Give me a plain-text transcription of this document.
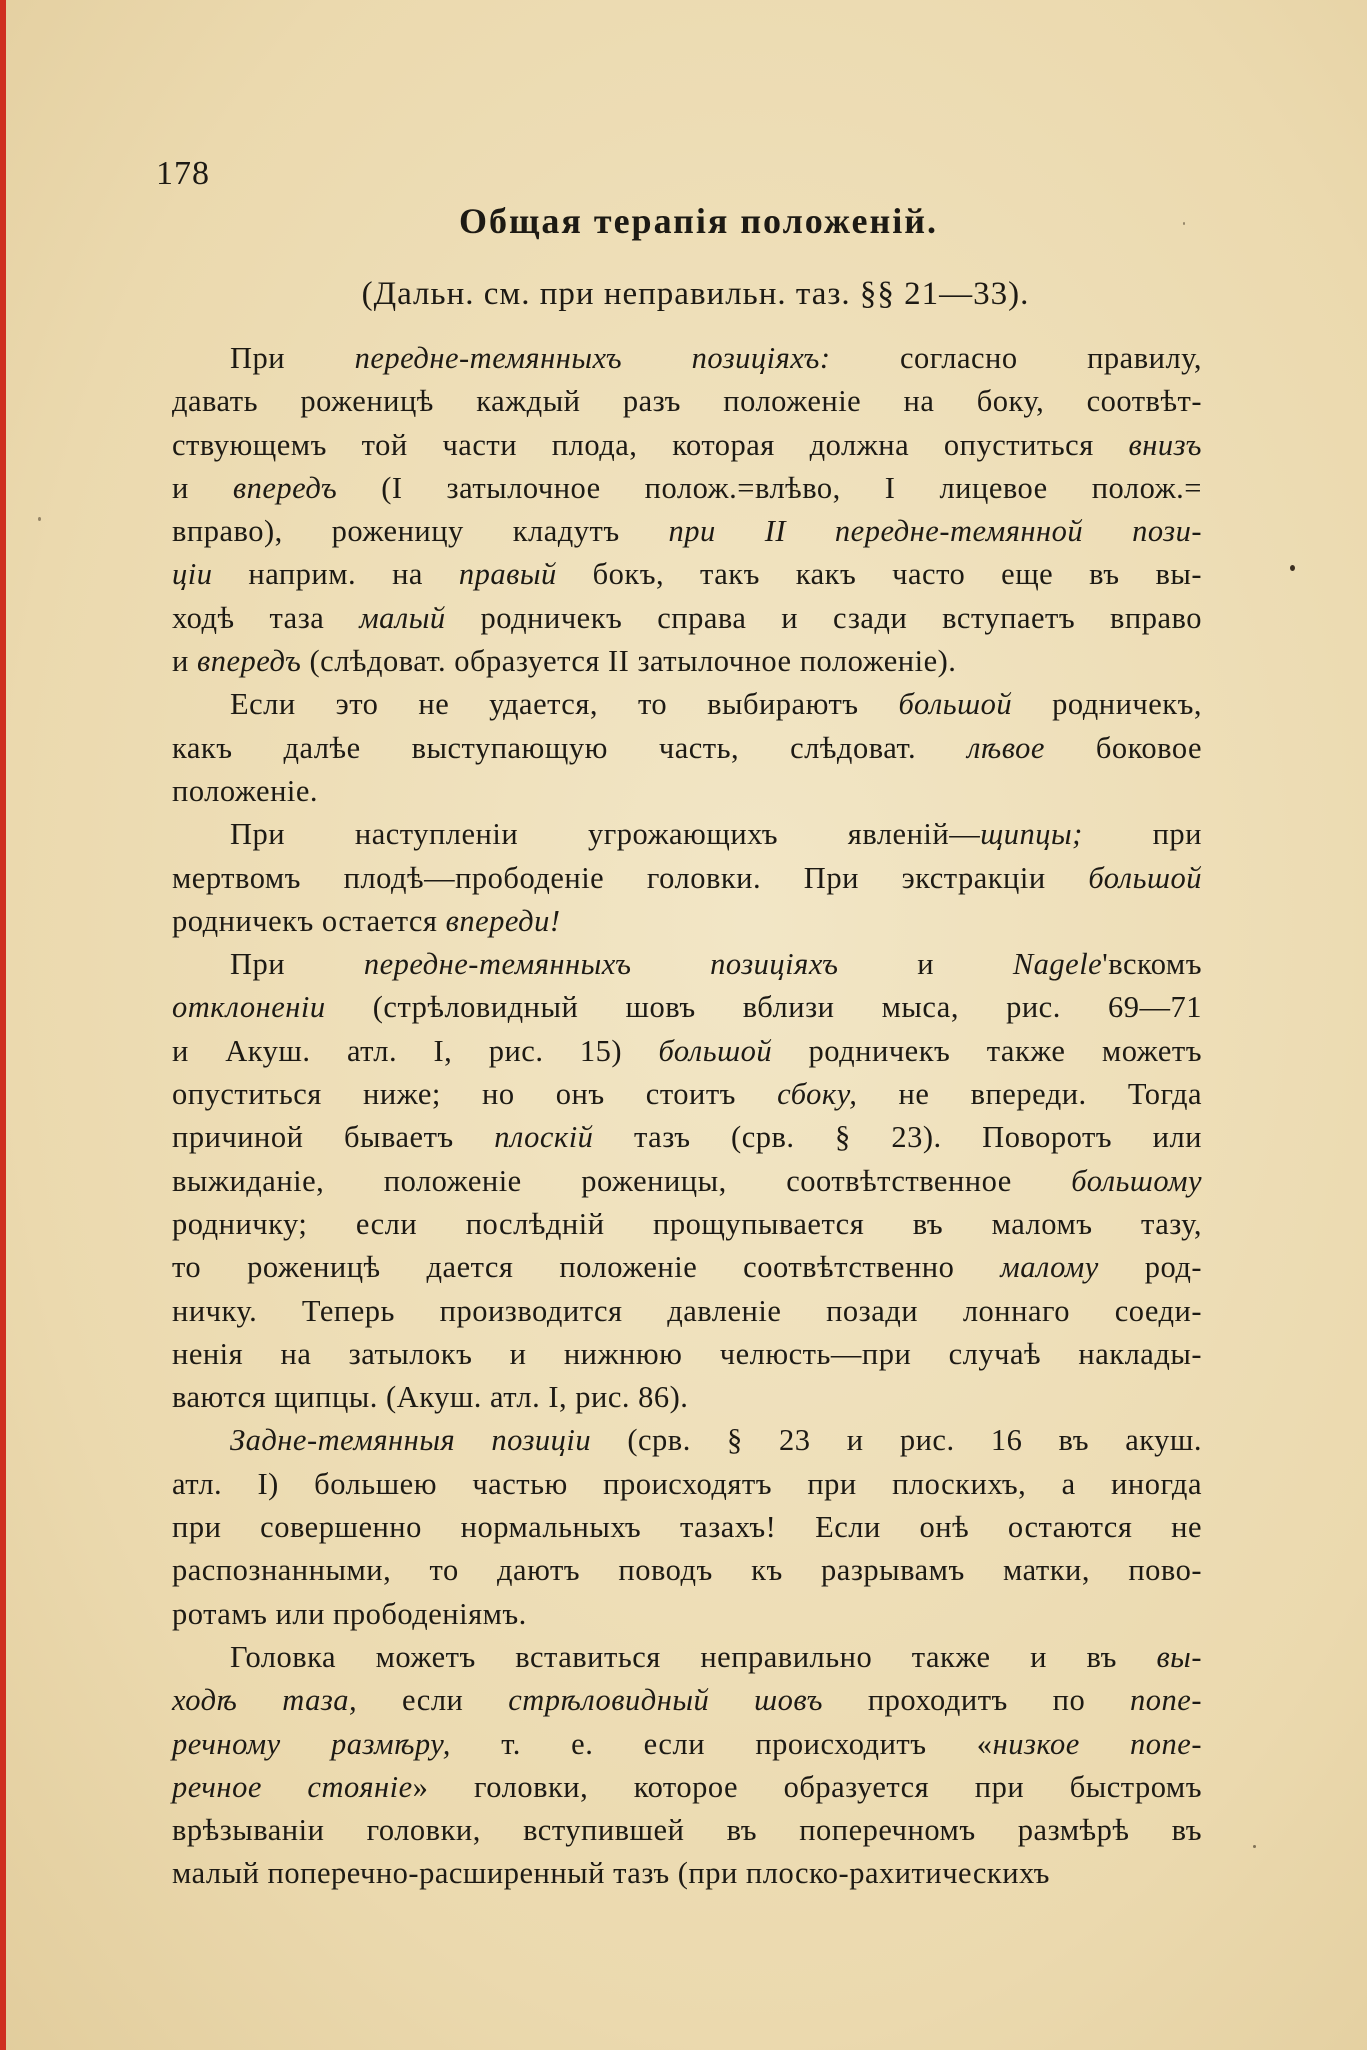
178
Общая терапія положеній.
(Дальн. см. при неправильн. таз. §§ 21—33).
При передне-темянныхъ позиціяхъ: согласно правилу,
давать роженицѣ каждый разъ положеніе на боку, соотвѣт-
ствующемъ той части плода, которая должна опуститься внизъ
и впередъ (I затылочное полож.=влѣво, I лицевое полож.=
вправо), роженицу кладутъ при II передне-темянной пози-
ціи наприм. на правый бокъ, такъ какъ часто еще въ вы-
ходѣ таза малый родничекъ справа и сзади вступаетъ вправо
и впередъ (слѣдоват. образуется II затылочное положеніе).
Если это не удается, то выбираютъ большой родничекъ,
какъ далѣе выступающую часть, слѣдоват. лѣвое боковое
положеніе.
При наступленіи угрожающихъ явленій—щипцы; при
мертвомъ плодѣ—прободеніе головки. При экстракціи большой
родничекъ остается впереди!
При передне-темянныхъ позиціяхъ и Nagele'вскомъ
отклоненіи (стрѣловидный шовъ вблизи мыса, рис. 69—71
и Акуш. атл. I, рис. 15) большой родничекъ также можетъ
опуститься ниже; но онъ стоитъ сбоку, не впереди. Тогда
причиной бываетъ плоскій тазъ (срв. § 23). Поворотъ или
выжиданіе, положеніе роженицы, соотвѣтственное большому
родничку; если послѣдній прощупывается въ маломъ тазу,
то роженицѣ дается положеніе соотвѣтственно малому род-
ничку. Теперь производится давленіе позади лоннаго соеди-
ненія на затылокъ и нижнюю челюсть—при случаѣ наклады-
ваются щипцы. (Акуш. атл. I, рис. 86).
Задне-темянныя позиціи (срв. § 23 и рис. 16 въ акуш.
атл. I) большею частью происходятъ при плоскихъ, а иногда
при совершенно нормальныхъ тазахъ! Если онѣ остаются не
распознанными, то даютъ поводъ къ разрывамъ матки, пово-
ротамъ или прободеніямъ.
Головка можетъ вставиться неправильно также и въ вы-
ходѣ таза, если стрѣловидный шовъ проходитъ по попе-
речному размѣру, т. е. если происходитъ «низкое попе-
речное стояніе» головки, которое образуется при быстромъ
врѣзываніи головки, вступившей въ поперечномъ размѣрѣ въ
малый поперечно-расширенный тазъ (при плоско-рахитическихъ
